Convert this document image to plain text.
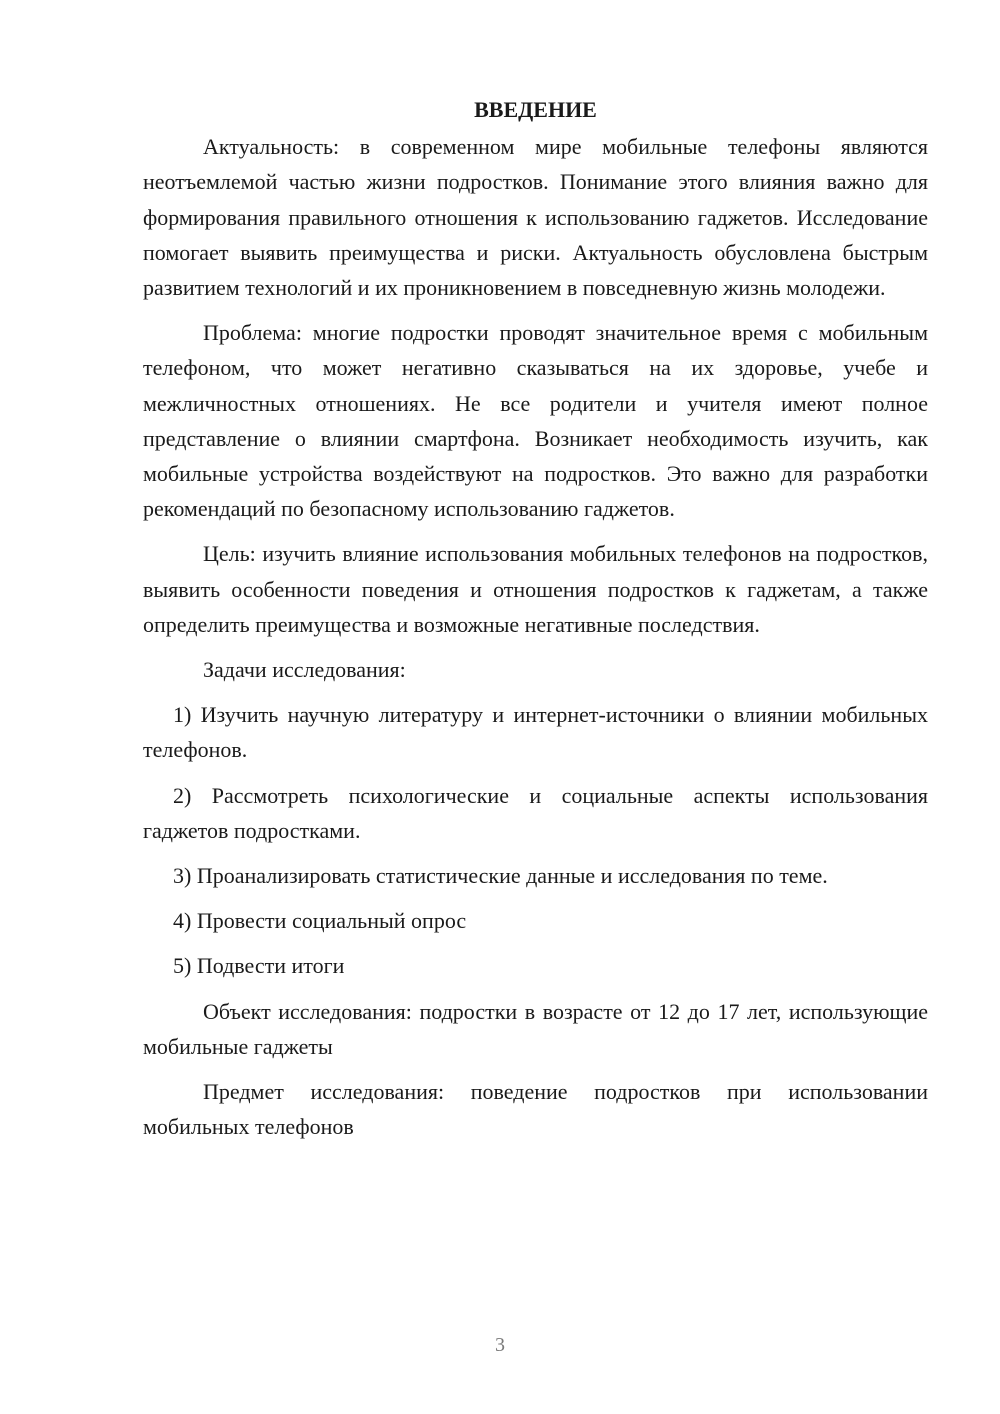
ВВЕДЕНИЕ

Актуальность: в современном мире мобильные телефоны являются неотъемлемой частью жизни подростков. Понимание этого влияния важно для формирования правильного отношения к использованию гаджетов. Исследование помогает выявить преимущества и риски. Актуальность обусловлена быстрым развитием технологий и их проникновением в повседневную жизнь молодежи.

Проблема: многие подростки проводят значительное время с мобильным телефоном, что может негативно сказываться на их здоровье, учебе и межличностных отношениях. Не все родители и учителя имеют полное представление о влиянии смартфона. Возникает необходимость изучить, как мобильные устройства воздействуют на подростков. Это важно для разработки рекомендаций по безопасному использованию гаджетов.

Цель: изучить влияние использования мобильных телефонов на подростков, выявить особенности поведения и отношения подростков к гаджетам, а также определить преимущества и возможные негативные последствия.

Задачи исследования:

1) Изучить научную литературу и интернет-источники о влиянии мобильных телефонов.
2) Рассмотреть психологические и социальные аспекты использования гаджетов подростками.
3) Проанализировать статистические данные и исследования по теме.
4) Провести социальный опрос
5) Подвести итоги

Объект исследования: подростки в возрасте от 12 до 17 лет, использующие мобильные гаджеты

Предмет исследования: поведение подростков при использовании мобильных телефонов

3
